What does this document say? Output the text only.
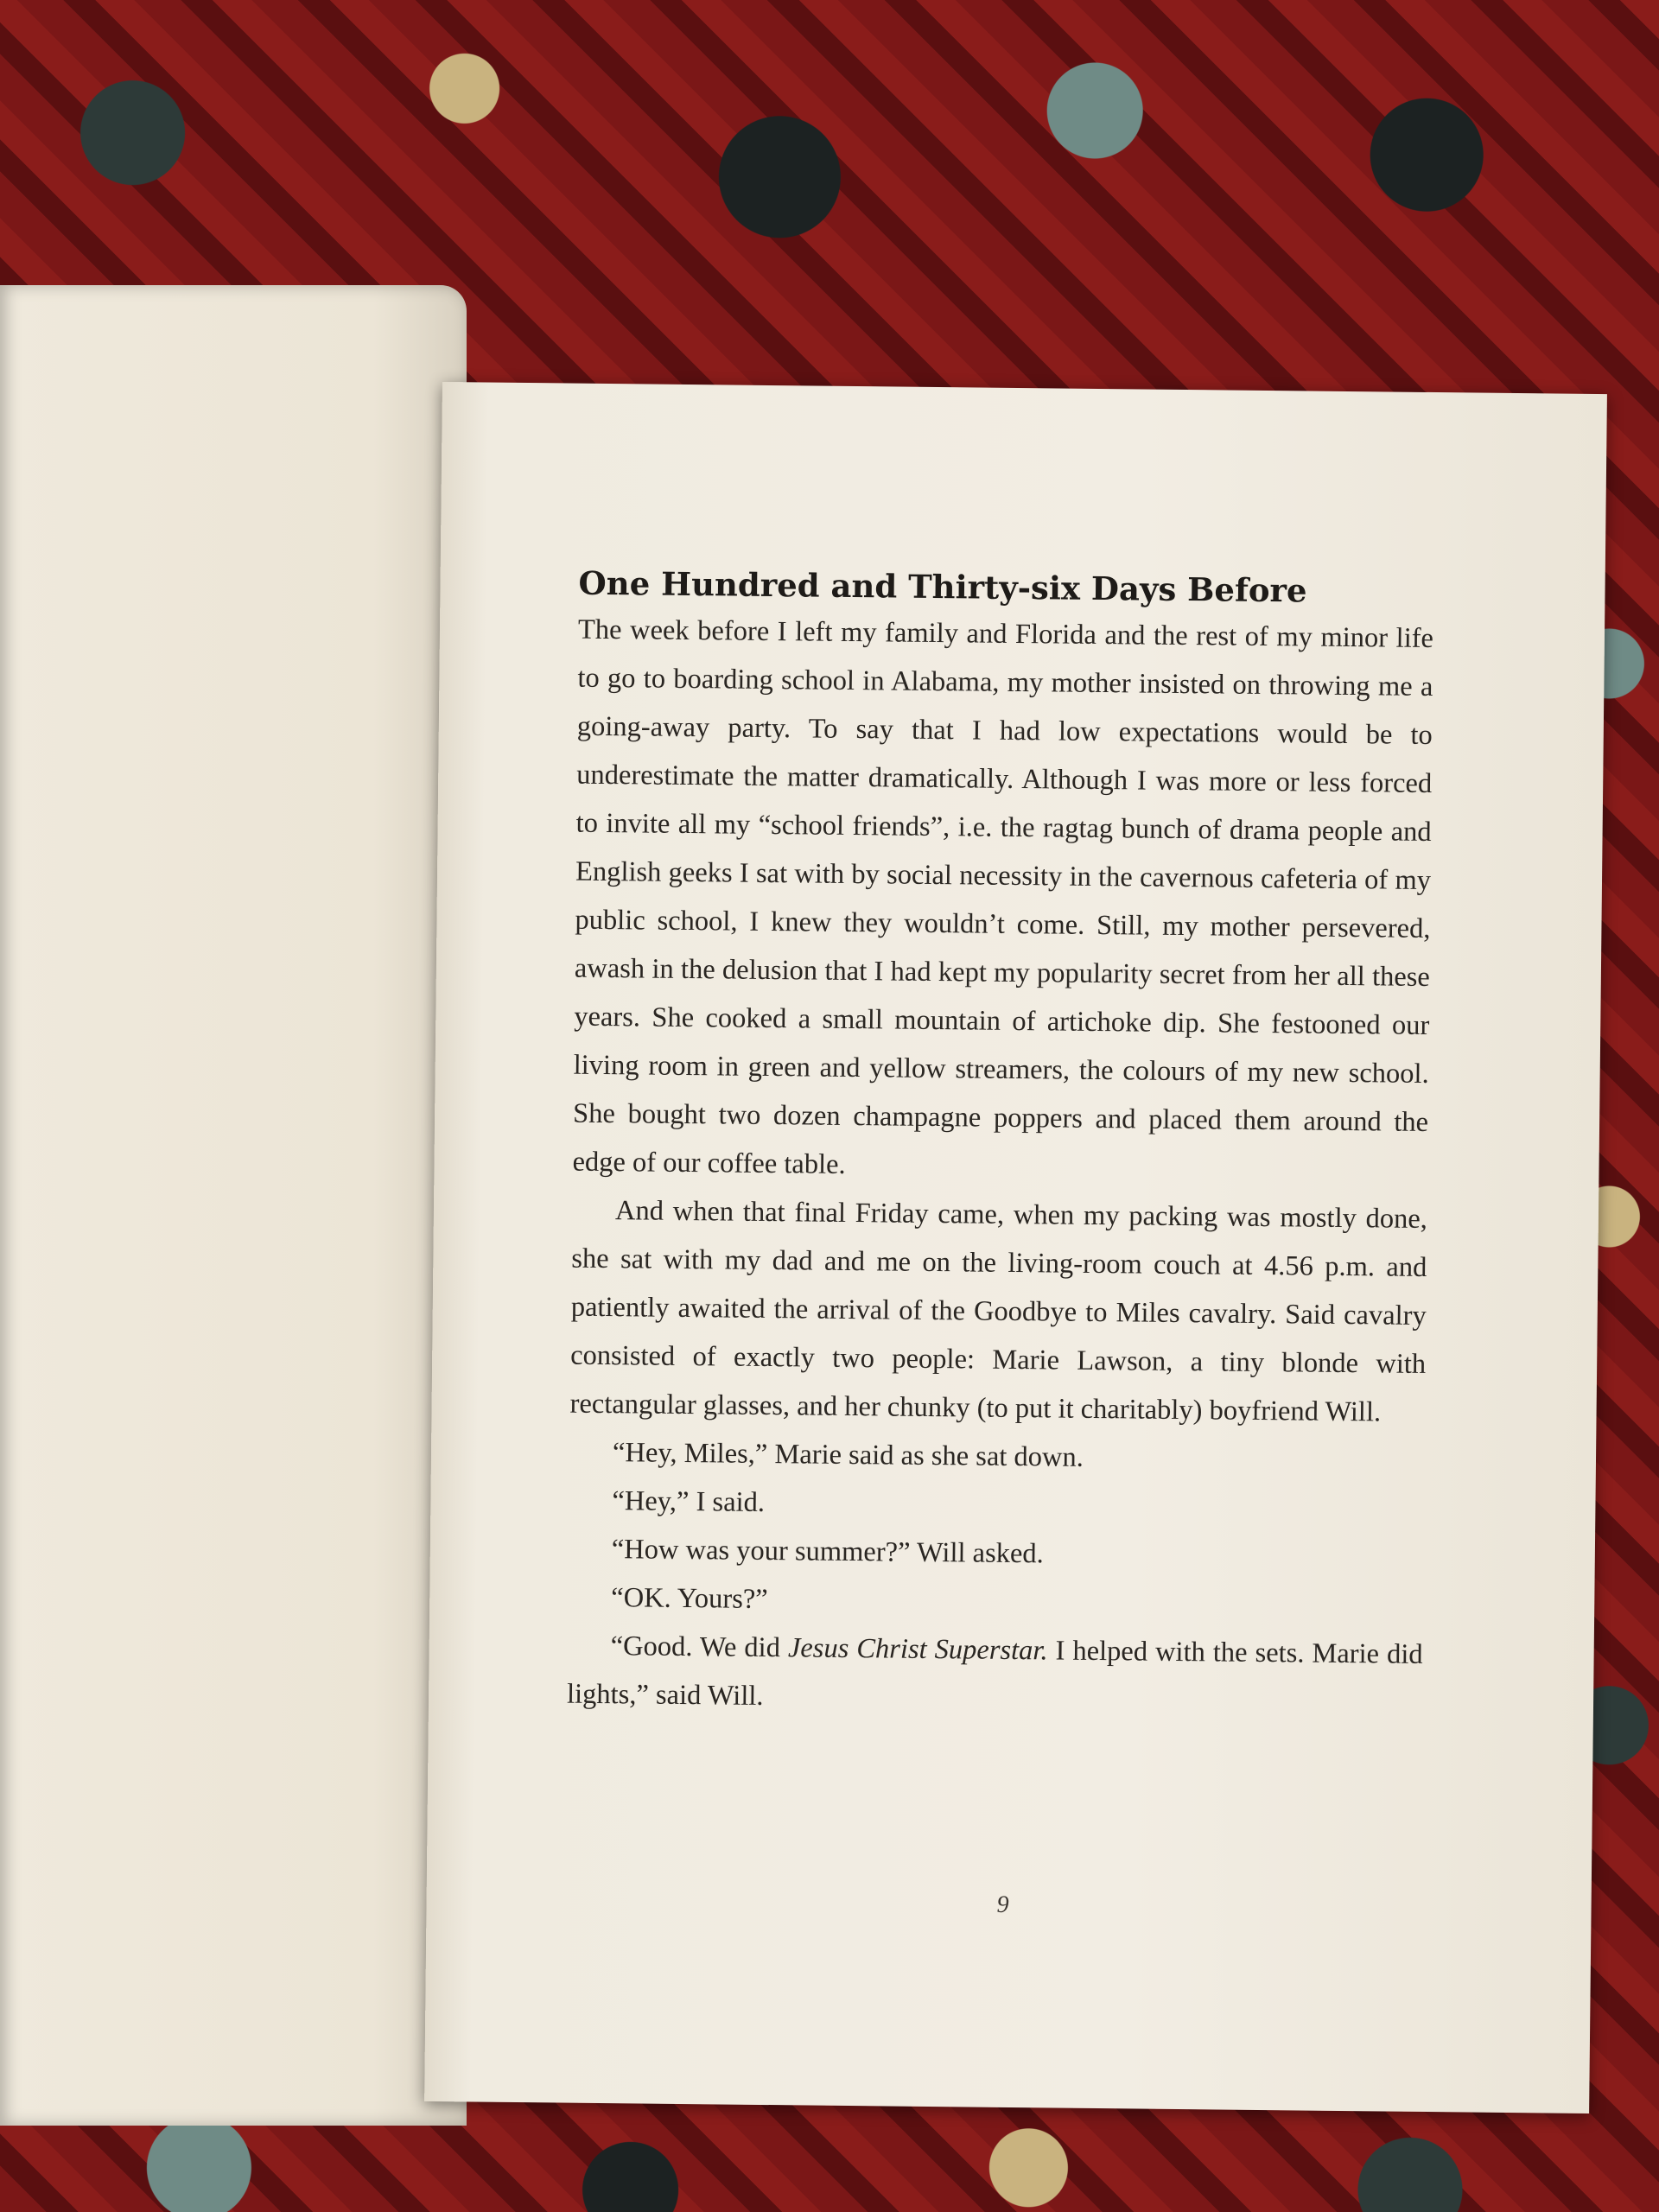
One Hundred and Thirty-six Days Before

The week before I left my family and Florida and the rest of my minor life to go to boarding school in Alabama, my mother insisted on throwing me a going-away party. To say that I had low expectations would be to underestimate the matter dramatically. Although I was more or less forced to invite all my “school friends”, i.e. the ragtag bunch of drama people and English geeks I sat with by social necessity in the cavernous cafeteria of my public school, I knew they wouldn’t come. Still, my mother persevered, awash in the delusion that I had kept my popularity secret from her all these years. She cooked a small mountain of artichoke dip. She festooned our living room in green and yellow streamers, the colours of my new school. She bought two dozen champagne poppers and placed them around the edge of our coffee table.

And when that final Friday came, when my packing was mostly done, she sat with my dad and me on the living-room couch at 4.56 p.m. and patiently awaited the arrival of the Goodbye to Miles cavalry. Said cavalry consisted of exactly two people: Marie Lawson, a tiny blonde with rectangular glasses, and her chunky (to put it charitably) boyfriend Will.

“Hey, Miles,” Marie said as she sat down.

“Hey,” I said.

“How was your summer?” Will asked.

“OK. Yours?”

“Good. We did Jesus Christ Superstar. I helped with the sets. Marie did lights,” said Will.

9
